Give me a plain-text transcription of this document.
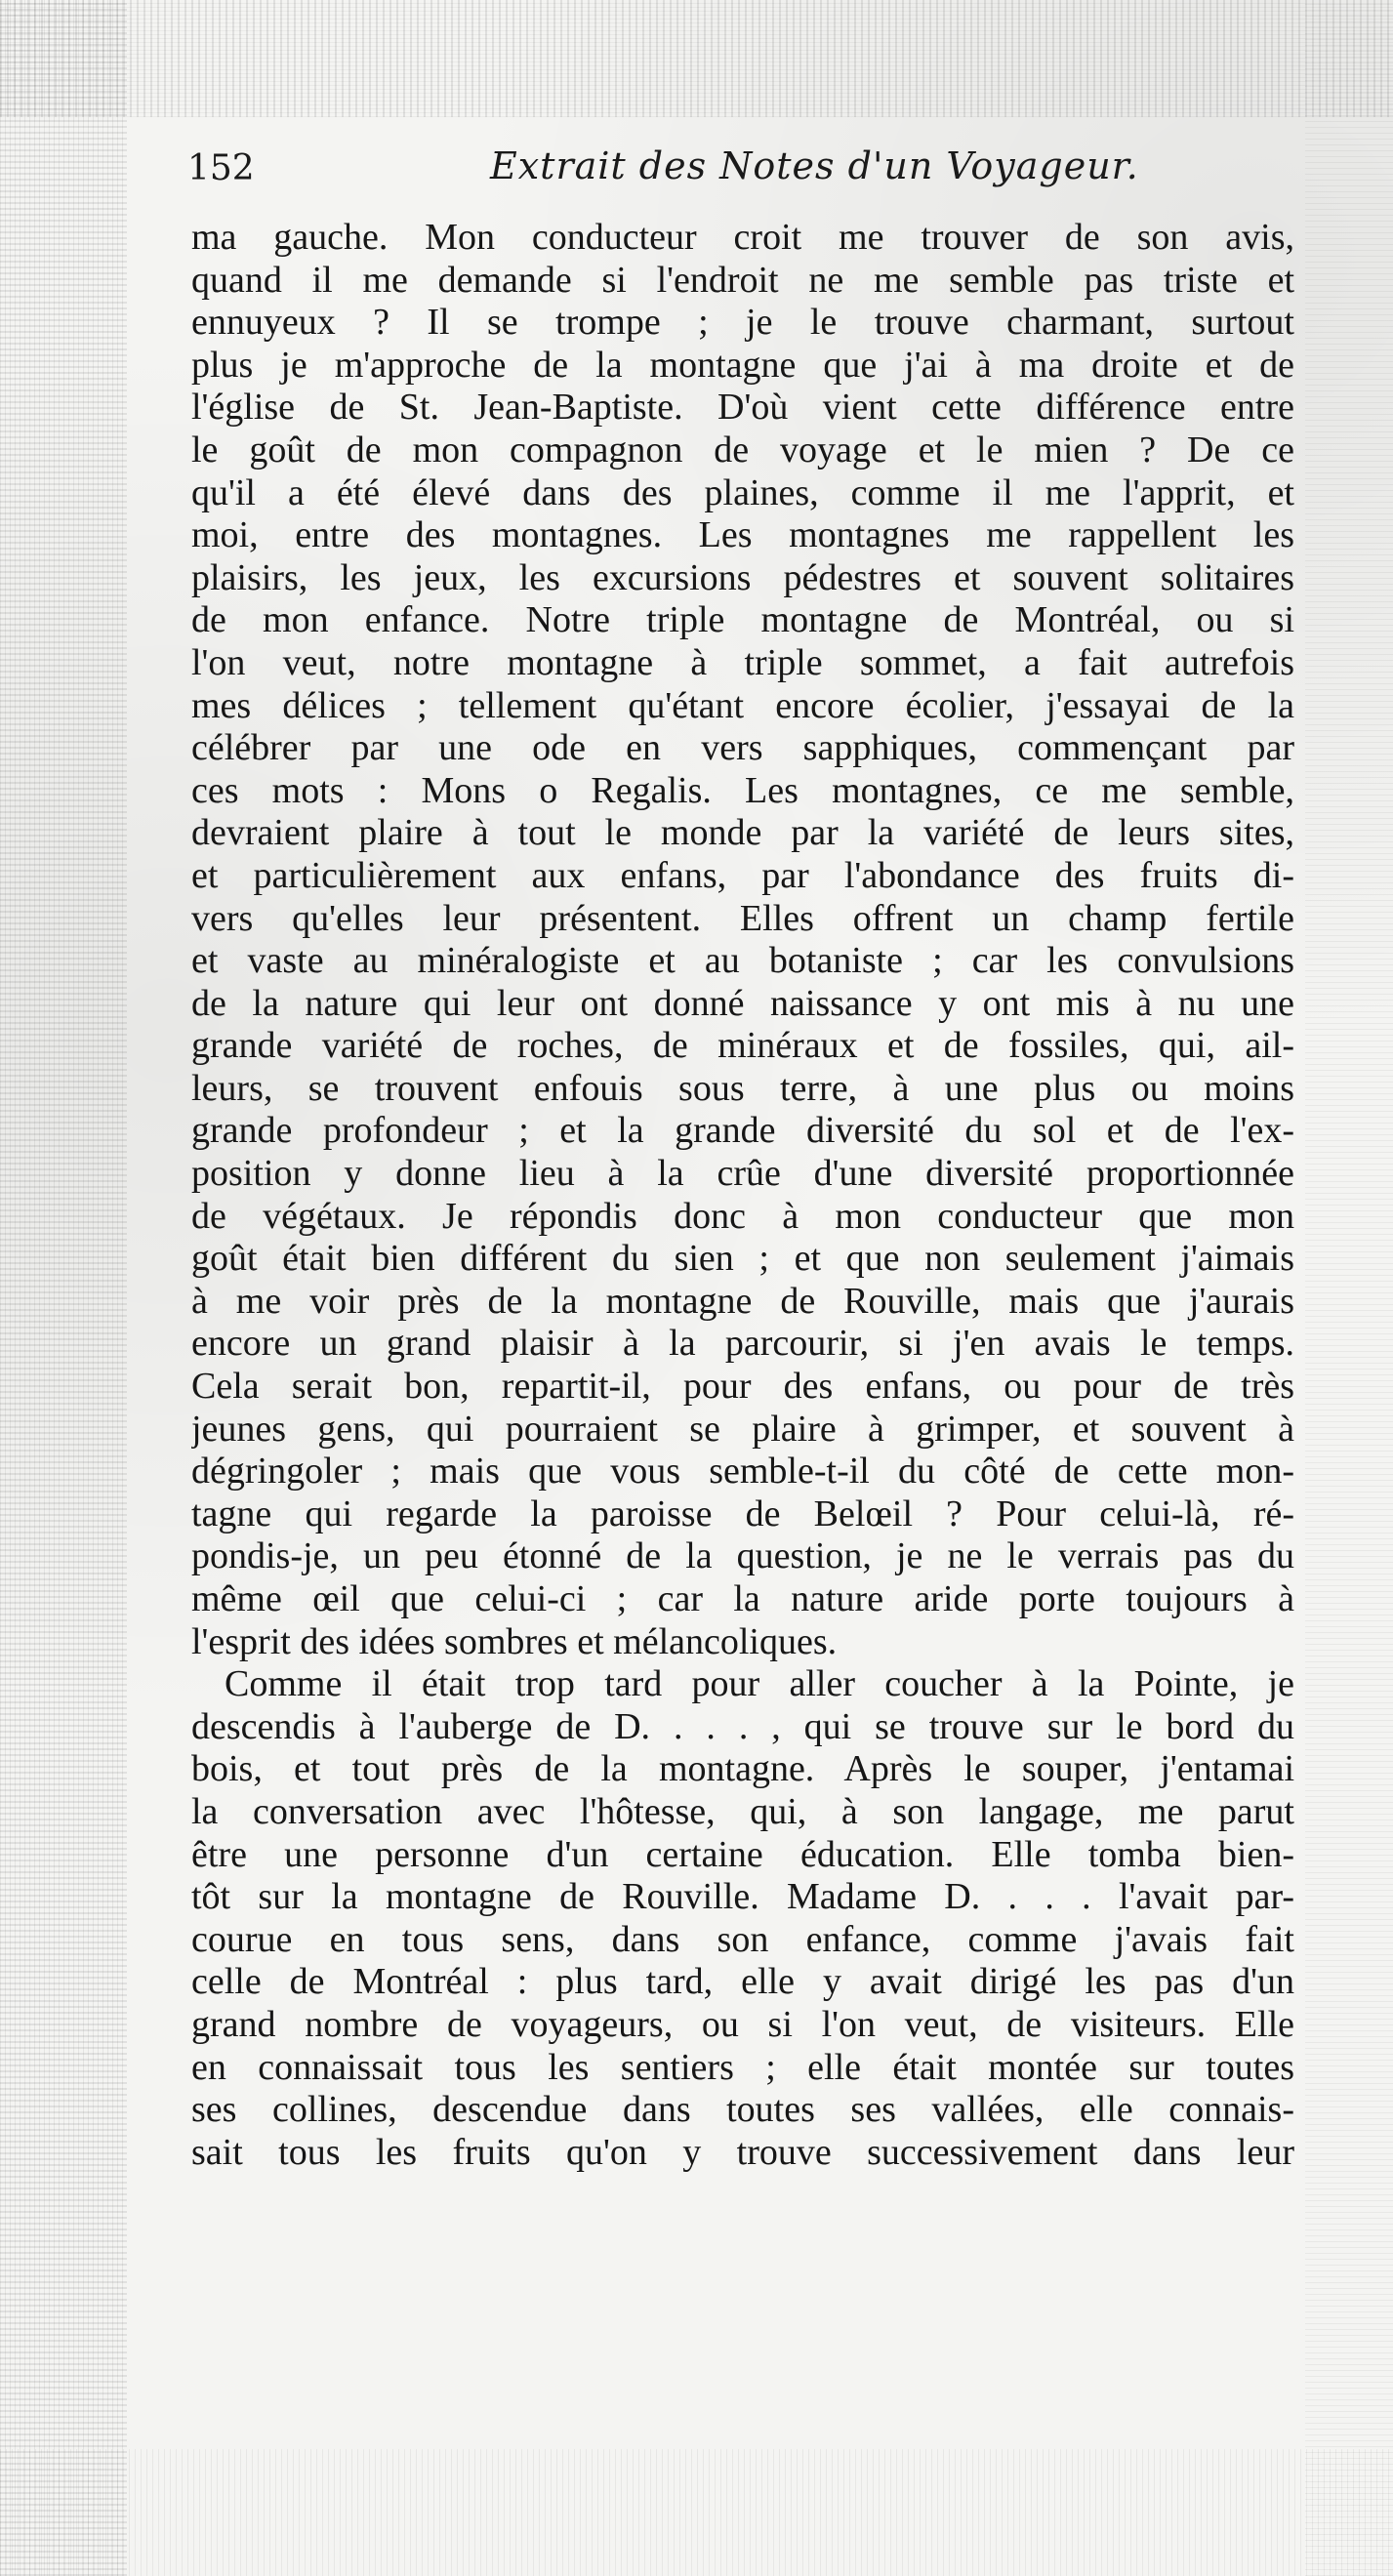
152	Extrait des Notes d'un Voyageur.
ma gauche. Mon conducteur croit me trouver de son avis,
quand il me demande si l'endroit ne me semble pas triste et
ennuyeux ? Il se trompe ; je le trouve charmant, surtout
plus je m'approche de la montagne que j'ai à ma droite et de
l'église de St. Jean-Baptiste. D'où vient cette différence entre
le goût de mon compagnon de voyage et le mien ? De ce
qu'il a été élevé dans des plaines, comme il me l'apprit, et
moi, entre des montagnes. Les montagnes me rappellent les
plaisirs, les jeux, les excursions pédestres et souvent solitaires
de mon enfance. Notre triple montagne de Montréal, ou si
l'on veut, notre montagne à triple sommet, a fait autrefois
mes délices ; tellement qu'étant encore écolier, j'essayai de la
célébrer par une ode en vers sapphiques, commençant par
ces mots : Mons o Regalis. Les montagnes, ce me semble,
devraient plaire à tout le monde par la variété de leurs sites,
et particulièrement aux enfans, par l'abondance des fruits di-
vers qu'elles leur présentent. Elles offrent un champ fertile
et vaste au minéralogiste et au botaniste ; car les convulsions
de la nature qui leur ont donné naissance y ont mis à nu une
grande variété de roches, de minéraux et de fossiles, qui, ail-
leurs, se trouvent enfouis sous terre, à une plus ou moins
grande profondeur ; et la grande diversité du sol et de l'ex-
position y donne lieu à la crûe d'une diversité proportionnée
de végétaux. Je répondis donc à mon conducteur que mon
goût était bien différent du sien ; et que non seulement j'aimais
à me voir près de la montagne de Rouville, mais que j'aurais
encore un grand plaisir à la parcourir, si j'en avais le temps.
Cela serait bon, repartit-il, pour des enfans, ou pour de très
jeunes gens, qui pourraient se plaire à grimper, et souvent à
dégringoler ; mais que vous semble-t-il du côté de cette mon-
tagne qui regarde la paroisse de Belœil ? Pour celui-là, ré-
pondis-je, un peu étonné de la question, je ne le verrais pas du
même œil que celui-ci ; car la nature aride porte toujours à
l'esprit des idées sombres et mélancoliques.
Comme il était trop tard pour aller coucher à la Pointe, je
descendis à l'auberge de D. . . . , qui se trouve sur le bord du
bois, et tout près de la montagne. Après le souper, j'entamai
la conversation avec l'hôtesse, qui, à son langage, me parut
être une personne d'un certaine éducation. Elle tomba bien-
tôt sur la montagne de Rouville. Madame D. . . . l'avait par-
courue en tous sens, dans son enfance, comme j'avais fait
celle de Montréal : plus tard, elle y avait dirigé les pas d'un
grand nombre de voyageurs, ou si l'on veut, de visiteurs. Elle
en connaissait tous les sentiers ; elle était montée sur toutes
ses collines, descendue dans toutes ses vallées, elle connais-
sait tous les fruits qu'on y trouve successivement dans leur
